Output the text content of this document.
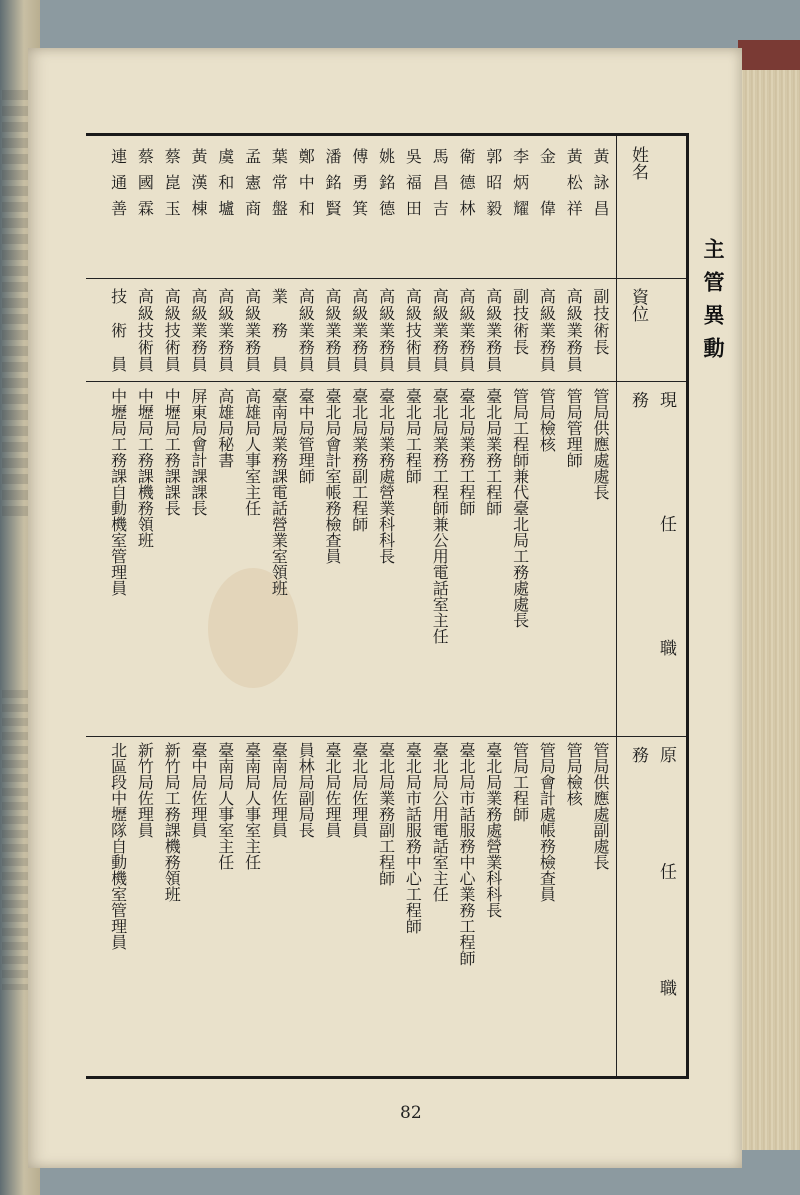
主管異動
姓名
資位
現任職務
原任職務
黃詠昌
副技術長
管局供應處處長
管局供應處副處長
黃松祥
高級業務員
管局管理師
管局檢核
金　偉
高級業務員
管局檢核
管局會計處帳務檢查員
李炳耀
副技術長
管局工程師兼代臺北局工務處處長
管局工程師
郭昭毅
高級業務員
臺北局業務工程師
臺北局業務處營業科科長
衛德林
高級業務員
臺北局業務工程師
臺北局市話服務中心業務工程師
馬昌吉
高級業務員
臺北局業務工程師兼公用電話室主任
臺北局公用電話室主任
吳福田
高級技術員
臺北局工程師
臺北局市話服務中心工程師
姚銘德
高級業務員
臺北局業務處營業科科長
臺北局業務副工程師
傅勇箕
高級業務員
臺北局業務副工程師
臺北局佐理員
潘銘賢
高級業務員
臺北局會計室帳務檢查員
臺北局佐理員
鄭中和
高級業務員
臺中局管理師
員林局副局長
葉常盤
業　務　員
臺南局業務課電話營業室領班
臺南局佐理員
孟憲商
高級業務員
高雄局人事室主任
臺南局人事室主任
虞和壚
高級業務員
高雄局秘書
臺南局人事室主任
黃漢棟
高級業務員
屏東局會計課課長
臺中局佐理員
蔡崑玉
高級技術員
中壢局工務課課長
新竹局工務課機務領班
蔡國霖
高級技術員
中壢局工務課機務領班
新竹局佐理員
連通善
技　術　員
中壢局工務課自動機室管理員
北區段中壢隊自動機室管理員
82
